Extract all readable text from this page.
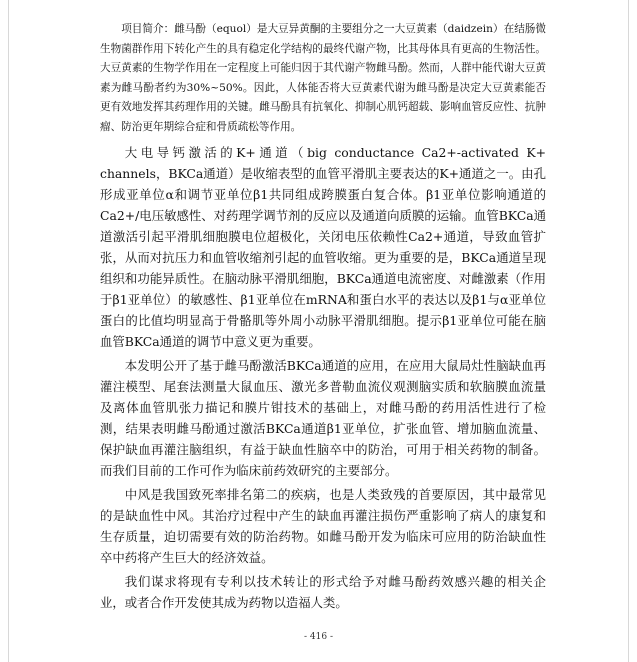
项目简介：雌马酚（equol）是大豆异黄酮的主要组分之一大豆黄素（daidzein）在结肠微生物菌群作用下转化产生的具有稳定化学结构的最终代谢产物，比其母体具有更高的生物活性。大豆黄素的生物学作用在一定程度上可能归因于其代谢产物雌马酚。然而，人群中能代谢大豆黄素为雌马酚者约为30%~50%。因此，人体能否将大豆黄素代谢为雌马酚是决定大豆黄素能否更有效地发挥其药理作用的关键。雌马酚具有抗氧化、抑制心肌钙超载、影响血管反应性、抗肿瘤、防治更年期综合症和骨质疏松等作用。

大电导钙激活的K+通道（big conductance Ca2+-activated K+ channels，BKCa通道）是收缩表型的血管平滑肌主要表达的K+通道之一。由孔形成亚单位α和调节亚单位β1共同组成跨膜蛋白复合体。β1亚单位影响通道的Ca2+/电压敏感性、对药理学调节剂的反应以及通道向质膜的运输。血管BKCa通道激活引起平滑肌细胞膜电位超极化，关闭电压依赖性Ca2+通道，导致血管扩张，从而对抗压力和血管收缩剂引起的血管收缩。更为重要的是，BKCa通道呈现组织和功能异质性。在脑动脉平滑肌细胞，BKCa通道电流密度、对雌激素（作用于β1亚单位）的敏感性、β1亚单位在mRNA和蛋白水平的表达以及β1与α亚单位蛋白的比值均明显高于骨骼肌等外周小动脉平滑肌细胞。提示β1亚单位可能在脑血管BKCa通道的调节中意义更为重要。

本发明公开了基于雌马酚激活BKCa通道的应用，在应用大鼠局灶性脑缺血再灌注模型、尾套法测量大鼠血压、激光多普勒血流仪观测脑实质和软脑膜血流量及离体血管肌张力描记和膜片钳技术的基础上，对雌马酚的药用活性进行了检测，结果表明雌马酚通过激活BKCa通道β1亚单位，扩张血管、增加脑血流量、保护缺血再灌注脑组织，有益于缺血性脑卒中的防治，可用于相关药物的制备。而我们目前的工作可作为临床前药效研究的主要部分。

中风是我国致死率排名第二的疾病，也是人类致残的首要原因，其中最常见的是缺血性中风。其治疗过程中产生的缺血再灌注损伤严重影响了病人的康复和生存质量，迫切需要有效的防治药物。如雌马酚开发为临床可应用的防治缺血性卒中药将产生巨大的经济效益。

我们谋求将现有专利以技术转让的形式给予对雌马酚药效感兴趣的相关企业，或者合作开发使其成为药物以造福人类。

- 416 -
